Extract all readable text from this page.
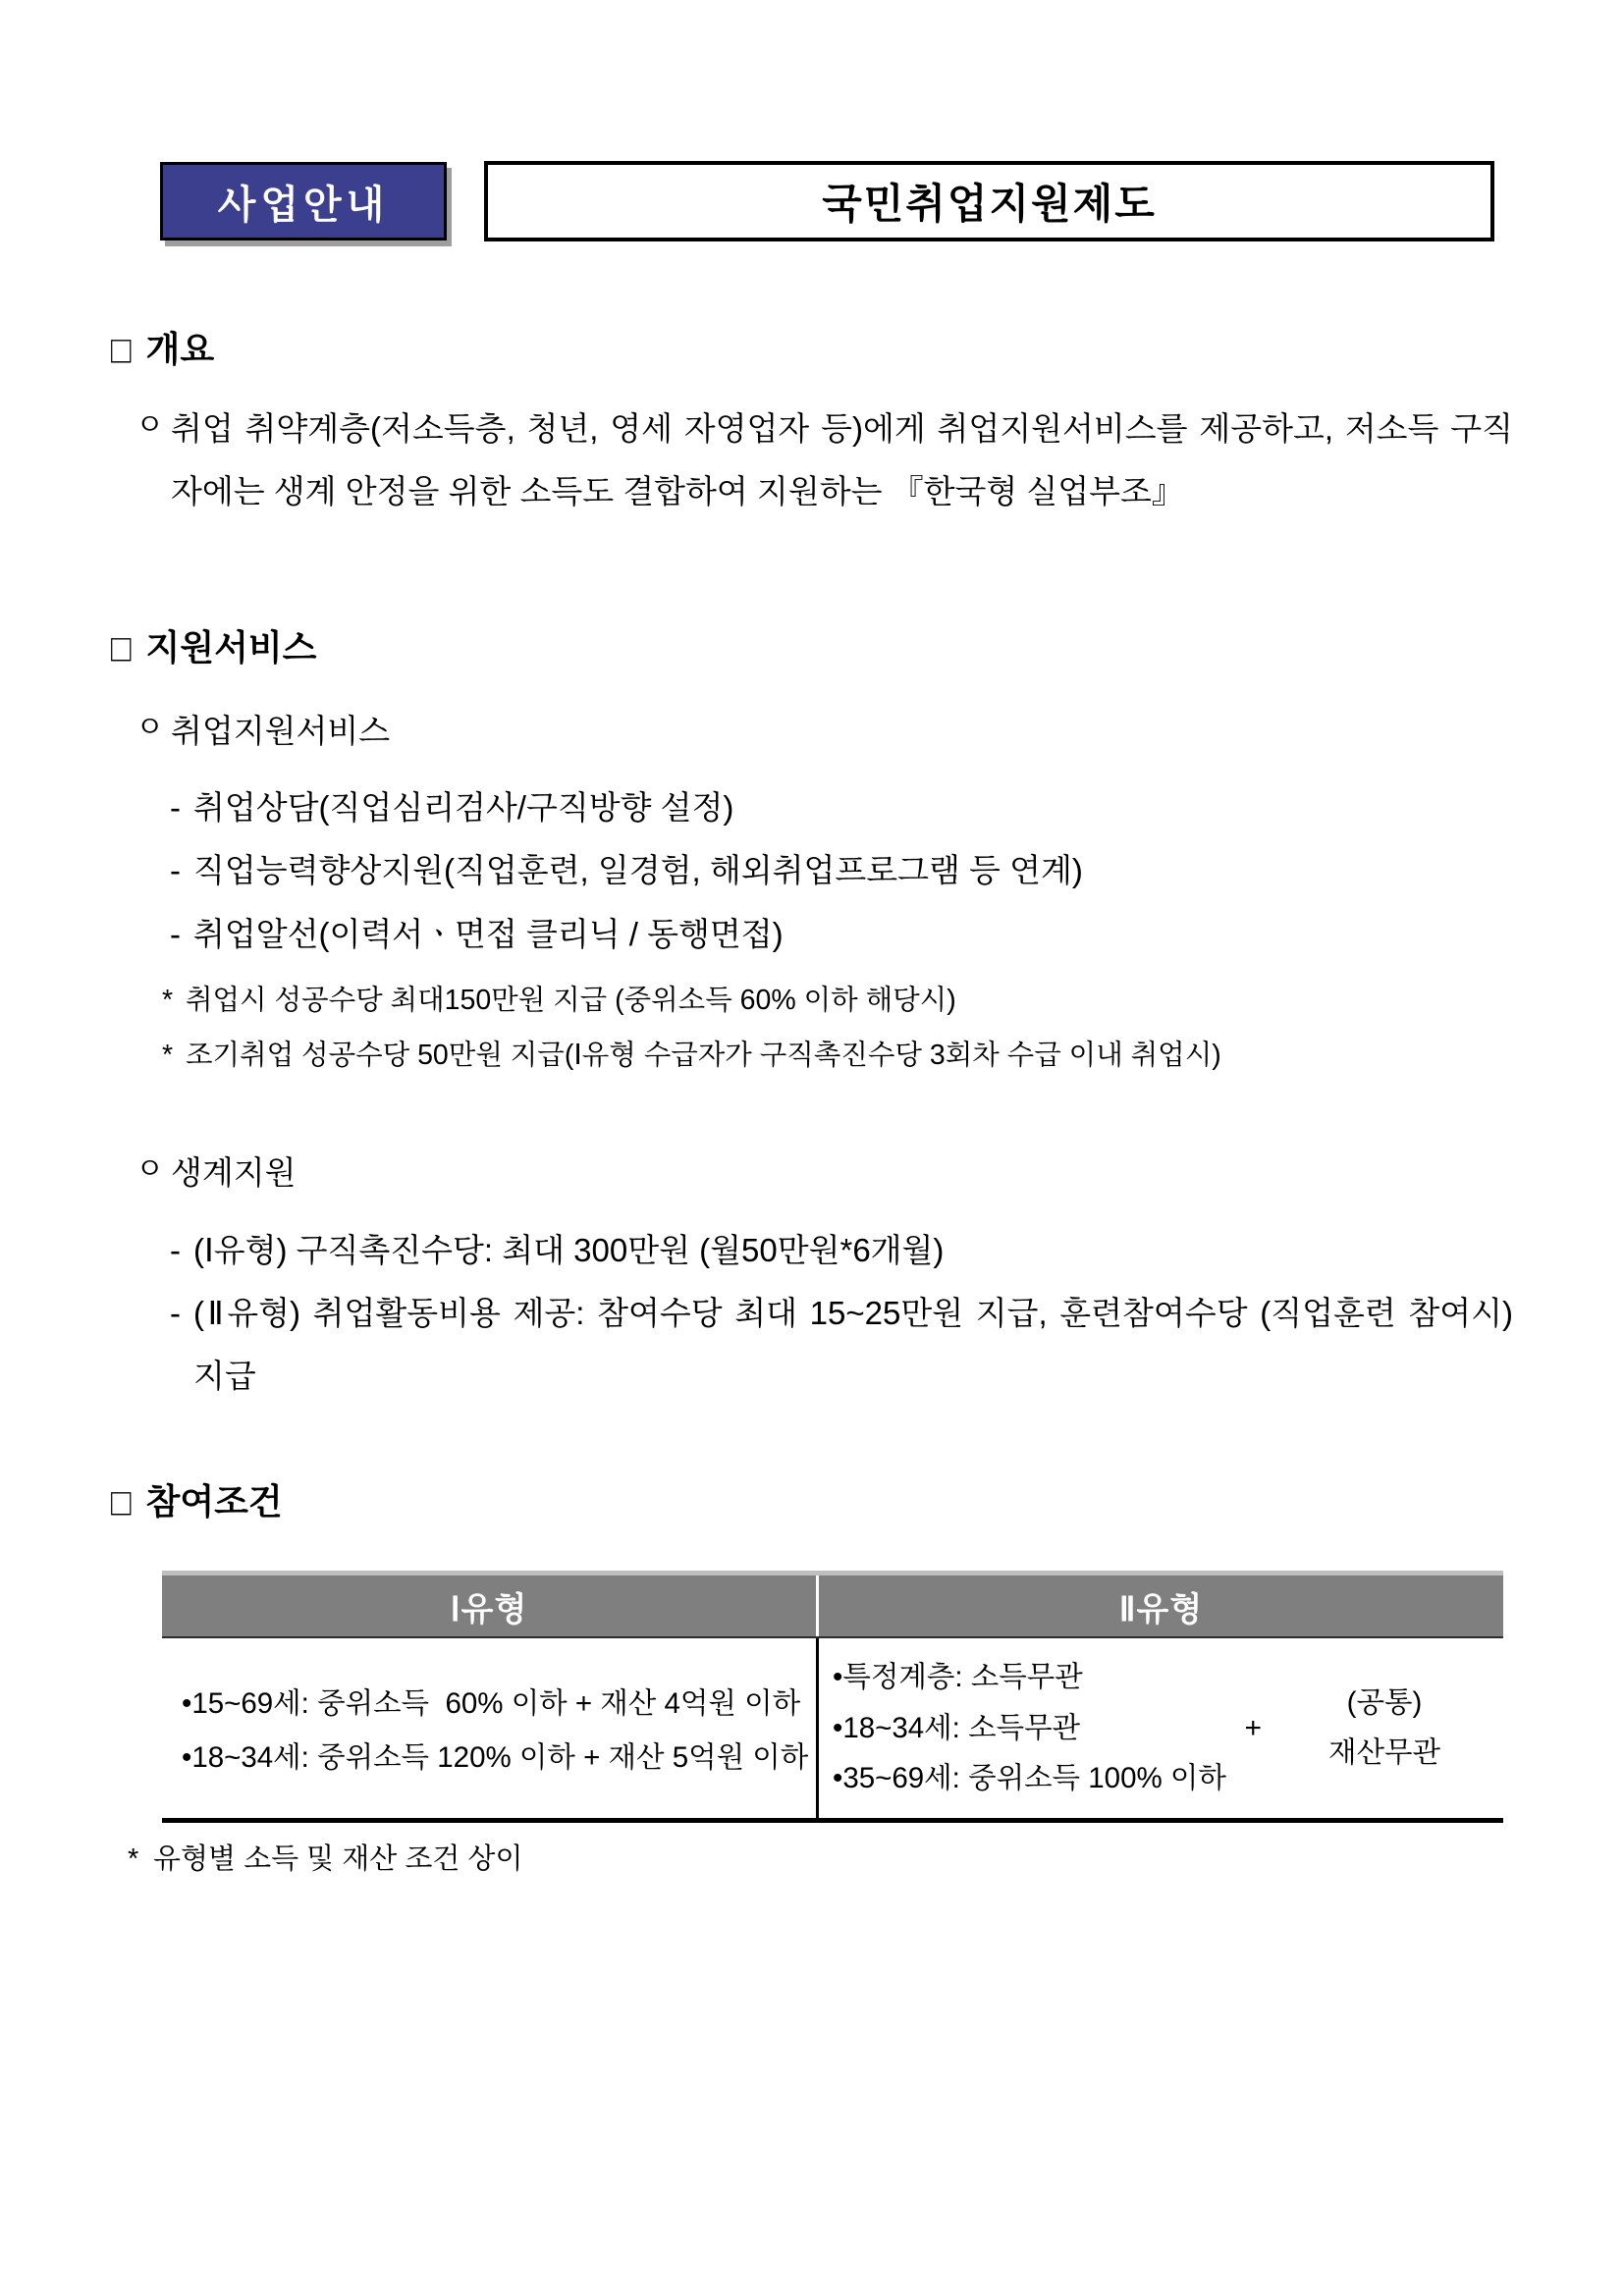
사업안내	국민취업지원제도
□ 개요
ㅇ 취업 취약계층(저소득층, 청년, 영세 자영업자 등)에게 취업지원서비스를 제공하고, 저소득 구직자에는 생계 안정을 위한 소득도 결합하여 지원하는 『한국형 실업부조』
□ 지원서비스
ㅇ 취업지원서비스
- 취업상담(직업심리검사/구직방향 설정)
- 직업능력향상지원(직업훈련, 일경험, 해외취업프로그램 등 연계)
- 취업알선(이력서ㆍ면접 클리닉 / 동행면접)
* 취업시 성공수당 최대150만원 지급 (중위소득 60% 이하 해당시)
* 조기취업 성공수당 50만원 지급(Ⅰ유형 수급자가 구직촉진수당 3회차 수급 이내 취업시)
ㅇ 생계지원
- (Ⅰ유형) 구직촉진수당: 최대 300만원 (월50만원*6개월)
- (Ⅱ유형) 취업활동비용 제공: 참여수당 최대 15~25만원 지급, 훈련참여수당 (직업훈련 참여시) 지급
□ 참여조건
Ⅰ유형	Ⅱ유형
•15~69세: 중위소득  60% 이하 + 재산 4억원 이하
•18~34세: 중위소득 120% 이하 + 재산 5억원 이하
•특정계층: 소득무관
•18~34세: 소득무관
•35~69세: 중위소득 100% 이하
+
(공통)
재산무관
* 유형별 소득 및 재산 조건 상이
